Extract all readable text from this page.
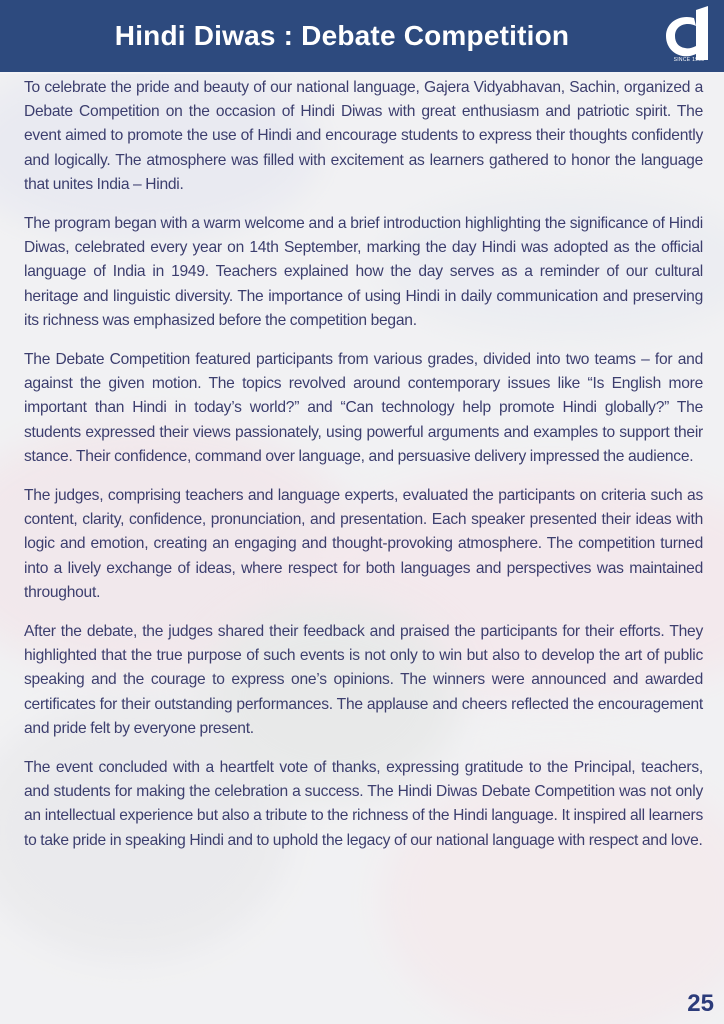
Hindi Diwas : Debate Competition
SINCE 1995

To celebrate the pride and beauty of our national language, Gajera Vidyabhavan, Sachin, organized a Debate Competition on the occasion of Hindi Diwas with great enthusiasm and patriotic spirit. The event aimed to promote the use of Hindi and encourage students to express their thoughts confidently and logically. The atmosphere was filled with excitement as learners gathered to honor the language that unites India – Hindi.

The program began with a warm welcome and a brief introduction highlighting the significance of Hindi Diwas, celebrated every year on 14th September, marking the day Hindi was adopted as the official language of India in 1949. Teachers explained how the day serves as a reminder of our cultural heritage and linguistic diversity. The importance of using Hindi in daily communication and preserving its richness was emphasized before the competition began.

The Debate Competition featured participants from various grades, divided into two teams – for and against the given motion. The topics revolved around contemporary issues like “Is English more important than Hindi in today’s world?” and “Can technology help promote Hindi globally?” The students expressed their views passionately, using powerful arguments and examples to support their stance. Their confidence, command over language, and persuasive delivery impressed the audience.

The judges, comprising teachers and language experts, evaluated the participants on criteria such as content, clarity, confidence, pronunciation, and presentation. Each speaker presented their ideas with logic and emotion, creating an engaging and thought-provoking atmosphere. The competition turned into a lively exchange of ideas, where respect for both languages and perspectives was maintained throughout.

After the debate, the judges shared their feedback and praised the participants for their efforts. They highlighted that the true purpose of such events is not only to win but also to develop the art of public speaking and the courage to express one’s opinions. The winners were announced and awarded certificates for their outstanding performances. The applause and cheers reflected the encouragement and pride felt by everyone present.

The event concluded with a heartfelt vote of thanks, expressing gratitude to the Principal, teachers, and students for making the celebration a success. The Hindi Diwas Debate Competition was not only an intellectual experience but also a tribute to the richness of the Hindi language. It inspired all learners to take pride in speaking Hindi and to uphold the legacy of our national language with respect and love.

25
